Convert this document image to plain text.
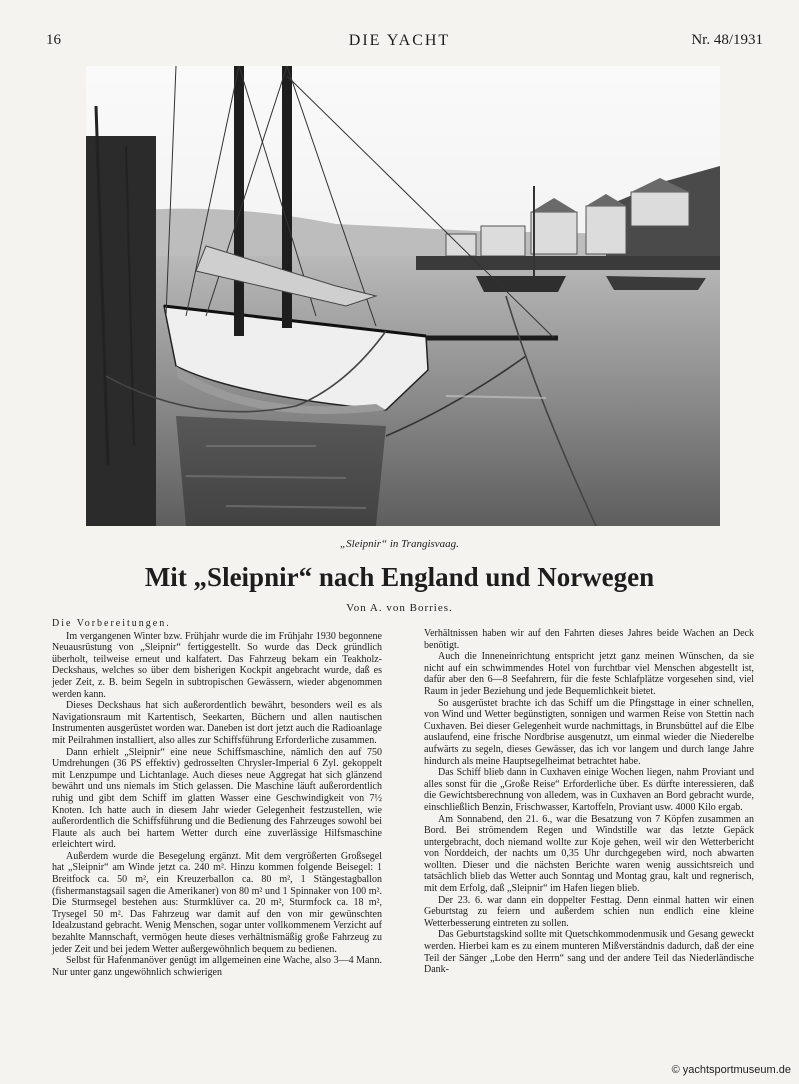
16	DIE YACHT	Nr. 48/1931
„Sleipnir“ in Trangisvaag.
Mit „Sleipnir“ nach England und Norwegen
Von A. von Borries.

Die Vorbereitungen.

Im vergangenen Winter bzw. Frühjahr wurde die im Frühjahr 1930 begonnene Neuausrüstung von „Sleipnir“ fertiggestellt. So wurde das Deck gründlich überholt, teilweise erneut und kalfatert. Das Fahrzeug bekam ein Teakholz-Deckshaus, welches so über dem bisherigen Kockpit angebracht wurde, daß es jeder Zeit, z. B. beim Segeln in subtropischen Gewässern, wieder abgenommen werden kann.

Dieses Deckshaus hat sich außerordentlich bewährt, besonders weil es als Navigationsraum mit Kartentisch, Seekarten, Büchern und allen nautischen Instrumenten ausgerüstet worden war. Daneben ist dort jetzt auch die Radioanlage mit Peilrahmen installiert, also alles zur Schiffsführung Erforderliche zusammen.

Dann erhielt „Sleipnir“ eine neue Schiffsmaschine, nämlich den auf 750 Umdrehungen (36 PS effektiv) gedrosselten Chrysler-Imperial 6 Zyl. gekoppelt mit Lenzpumpe und Lichtanlage. Auch dieses neue Aggregat hat sich glänzend bewährt und uns niemals im Stich gelassen. Die Maschine läuft außerordentlich ruhig und gibt dem Schiff im glatten Wasser eine Geschwindigkeit von 7½ Knoten. Ich hatte auch in diesem Jahr wieder Gelegenheit festzustellen, wie außerordentlich die Schiffsführung und die Bedienung des Fahrzeuges sowohl bei Flaute als auch bei hartem Wetter durch eine zuverlässige Hilfsmaschine erleichtert wird.

Außerdem wurde die Besegelung ergänzt. Mit dem vergrößerten Großsegel hat „Sleipnir“ am Winde jetzt ca. 240 m². Hinzu kommen folgende Beisegel: 1 Breitfock ca. 50 m², ein Kreuzerballon ca. 80 m², 1 Stängestagballon (fishermanstagsail sagen die Amerikaner) von 80 m² und 1 Spinnaker von 100 m². Die Sturmsegel bestehen aus: Sturmklüver ca. 20 m², Sturmfock ca. 18 m², Trysegel 50 m². Das Fahrzeug war damit auf den von mir gewünschten Idealzustand gebracht. Wenig Menschen, sogar unter vollkommenem Verzicht auf bezahlte Mannschaft, vermögen heute dieses verhältnismäßig große Fahrzeug zu jeder Zeit und bei jedem Wetter außergewöhnlich bequem zu bedienen.

Selbst für Hafenmanöver genügt im allgemeinen eine Wache, also 3—4 Mann. Nur unter ganz ungewöhnlich schwierigen

Verhältnissen haben wir auf den Fahrten dieses Jahres beide Wachen an Deck benötigt.

Auch die Inneneinrichtung entspricht jetzt ganz meinen Wünschen, da sie nicht auf ein schwimmendes Hotel von furchtbar viel Menschen abgestellt ist, dafür aber den 6—8 Seefahrern, für die feste Schlafplätze vorgesehen sind, viel Raum in jeder Beziehung und jede Bequemlichkeit bietet.

So ausgerüstet brachte ich das Schiff um die Pfingsttage in einer schnellen, von Wind und Wetter begünstigten, sonnigen und warmen Reise von Stettin nach Cuxhaven. Bei dieser Gelegenheit wurde nachmittags, in Brunsbüttel auf die Elbe auslaufend, eine frische Nordbrise ausgenutzt, um einmal wieder die Niederelbe aufwärts zu segeln, dieses Gewässer, das ich vor langem und durch lange Jahre hindurch als meine Hauptsegelheimat betrachtet habe.

Das Schiff blieb dann in Cuxhaven einige Wochen liegen, nahm Proviant und alles sonst für die „Große Reise“ Erforderliche über. Es dürfte interessieren, daß die Gewichtsberechnung von alledem, was in Cuxhaven an Bord gebracht wurde, einschließlich Benzin, Frischwasser, Kartoffeln, Proviant usw. 4000 Kilo ergab.

Am Sonnabend, den 21. 6., war die Besatzung von 7 Köpfen zusammen an Bord. Bei strömendem Regen und Windstille war das letzte Gepäck untergebracht, doch niemand wollte zur Koje gehen, weil wir den Wetterbericht von Norddeich, der nachts um 0,35 Uhr durchgegeben wird, noch abwarten wollten. Dieser und die nächsten Berichte waren wenig aussichtsreich und tatsächlich blieb das Wetter auch Sonntag und Montag grau, kalt und regnerisch, mit dem Erfolg, daß „Sleipnir“ im Hafen liegen blieb.

Der 23. 6. war dann ein doppelter Festtag. Denn einmal hatten wir einen Geburtstag zu feiern und außerdem schien nun endlich eine kleine Wetterbesserung eintreten zu sollen.

Das Geburtstagskind sollte mit Quetschkommodenmusik und Gesang geweckt werden. Hierbei kam es zu einem munteren Mißverständnis dadurch, daß der eine Teil der Sänger „Lobe den Herrn“ sang und der andere Teil das Niederländische Dank-

© yachtsportmuseum.de
